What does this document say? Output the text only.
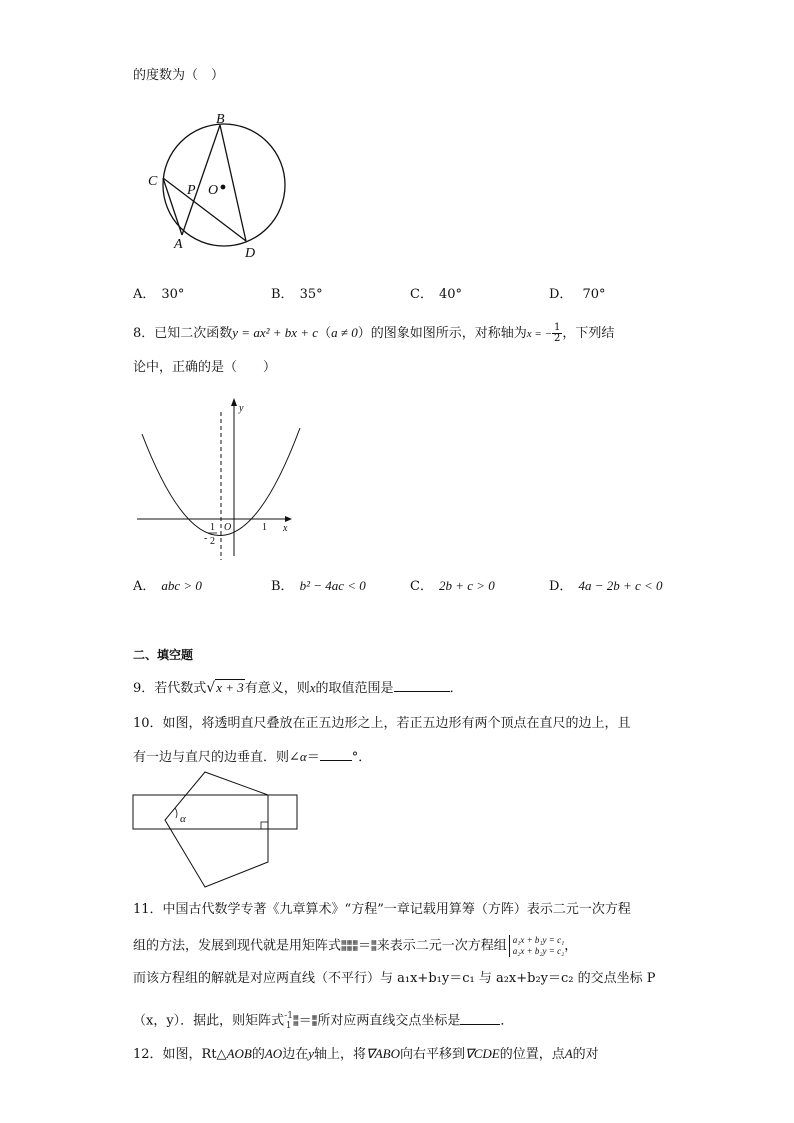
的度数为（　）
B
C
P O
A
D
A． 30°	B． 35°	C． 40°	D． 70°
8．已知二次函数y = ax² + bx + c（a ≠ 0）的图象如图所示，对称轴为x = − $\frac{1}{2}$ ，下列结
论中，正确的是（　　）
y
x
O	1
-
1
2
A． abc > 0	B． b² − 4ac < 0	C． 2b + c > 0	D． 4a − 2b + c < 0
二、填空题
9．若代数式√x + 3有意义，则x的取值范围是	．
10．如图，将透明直尺叠放在正五边形之上，若正五边形有两个顶点在直尺的边上，且
有一边与直尺的边垂直．则∠α＝ °．
α
11．中国古代数学专著《九章算术》“方程”一章记载用算筹（方阵）表示二元一次方程
组的方法，发展到现代就是用矩阵式▦▦
▦▦▦
▦＝▦
▦来表示二元一次方程组 a₁x + b₁y = c₁
a₂x + b₂y = c₂ ，
而该方程组的解就是对应两直线（不平行）与 a₁x+b₁y＝c₁ 与 a₂x+b₂y＝c₂ 的交点坐标 P
（x，y）．据此，则矩阵式-1
1▦
▦＝▦
▦所对应两直线交点坐标是	．
12．如图，Rt△AOB的AO边在y轴上，将∇ABO向右平移到∇CDE的位置，点A的对
